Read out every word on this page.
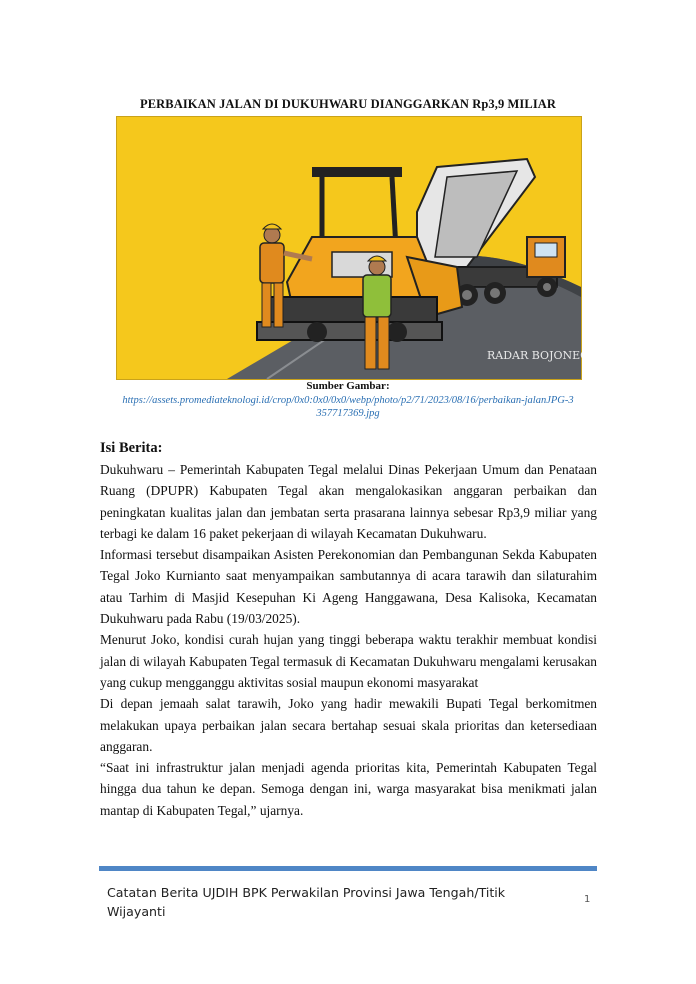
PERBAIKAN JALAN DI DUKUHWARU DIANGGARKAN Rp3,9 MILIAR
RADAR BOJONEGORO
Sumber Gambar:
https://assets.promediateknologi.id/crop/0x0:0x0/0x0/webp/photo/p2/71/2023/08/16/perbaikan-jalanJPG-3357717369.jpg
Isi Berita:

Dukuhwaru – Pemerintah Kabupaten Tegal melalui Dinas Pekerjaan Umum dan Penataan Ruang (DPUPR) Kabupaten Tegal akan mengalokasikan anggaran perbaikan dan peningkatan kualitas jalan dan jembatan serta prasarana lainnya sebesar Rp3,9 miliar yang terbagi ke dalam 16 paket pekerjaan di wilayah Kecamatan Dukuhwaru.

Informasi tersebut disampaikan Asisten Perekonomian dan Pembangunan Sekda Kabupaten Tegal Joko Kurnianto saat menyampaikan sambutannya di acara tarawih dan silaturahim atau Tarhim di Masjid Kesepuhan Ki Ageng Hanggawana, Desa Kalisoka, Kecamatan Dukuhwaru pada Rabu (19/03/2025).

Menurut Joko, kondisi curah hujan yang tinggi beberapa waktu terakhir membuat kondisi jalan di wilayah Kabupaten Tegal termasuk di Kecamatan Dukuhwaru mengalami kerusakan yang cukup mengganggu aktivitas sosial maupun ekonomi masyarakat

Di depan jemaah salat tarawih, Joko yang hadir mewakili Bupati Tegal berkomitmen melakukan upaya perbaikan jalan secara bertahap sesuai skala prioritas dan ketersediaan anggaran.

“Saat ini infrastruktur jalan menjadi agenda prioritas kita, Pemerintah Kabupaten Tegal hingga dua tahun ke depan. Semoga dengan ini, warga masyarakat bisa menikmati jalan mantap di Kabupaten Tegal,” ujarnya.

Catatan Berita UJDIH BPK Perwakilan Provinsi Jawa Tengah/Titik Wijayanti
1
